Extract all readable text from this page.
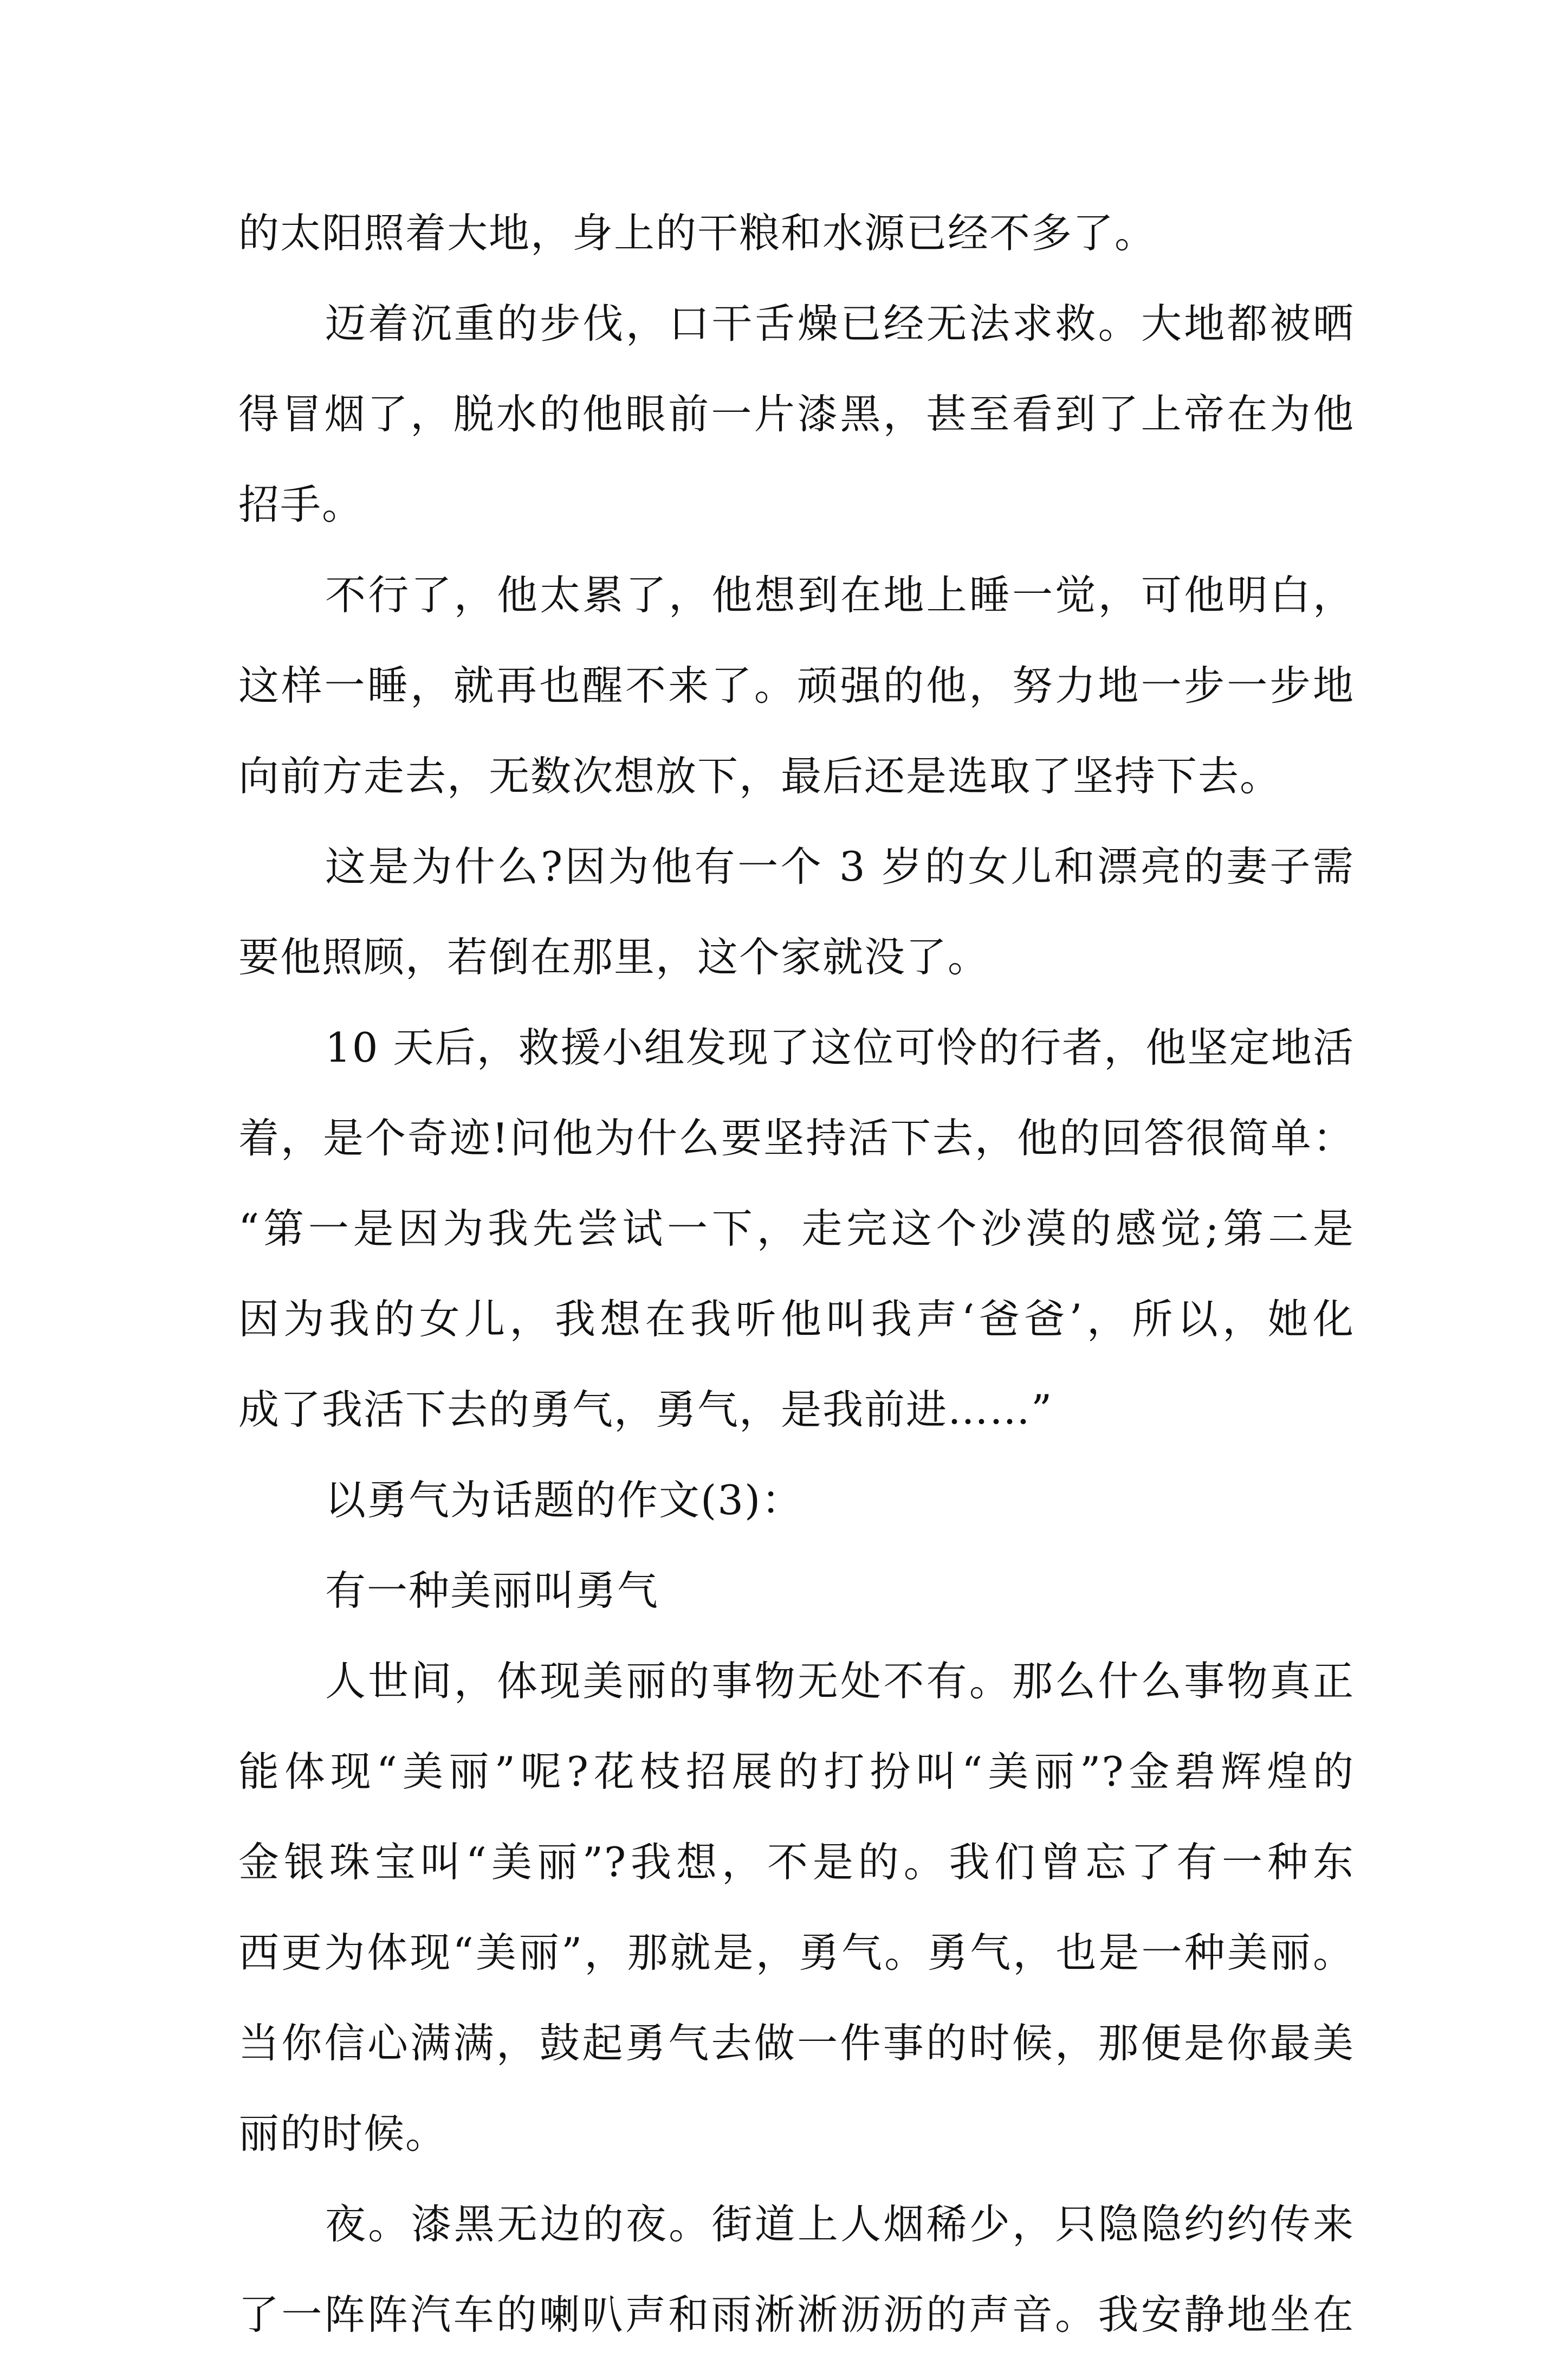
的太阳照着大地，身上的干粮和水源已经不多了。
迈着沉重的步伐，口干舌燥已经无法求救。大地都被晒
得冒烟了，脱水的他眼前一片漆黑，甚至看到了上帝在为他
招手。
不行了，他太累了，他想到在地上睡一觉，可他明白，
这样一睡，就再也醒不来了。顽强的他，努力地一步一步地
向前方走去，无数次想放下，最后还是选取了坚持下去。
这是为什么?因为他有一个 3 岁的女儿和漂亮的妻子需
要他照顾，若倒在那里，这个家就没了。
10 天后，救援小组发现了这位可怜的行者，他坚定地活
着，是个奇迹!问他为什么要坚持活下去，他的回答很简单：
“第一是因为我先尝试一下，走完这个沙漠的感觉;第二是
因为我的女儿，我想在我听他叫我声‘爸爸’，所以，她化
成了我活下去的勇气，勇气，是我前进……”
以勇气为话题的作文(3)：
有一种美丽叫勇气
人世间，体现美丽的事物无处不有。那么什么事物真正
能体现“美丽”呢?花枝招展的打扮叫“美丽”?金碧辉煌的
金银珠宝叫“美丽”?我想，不是的。我们曾忘了有一种东
西更为体现“美丽”，那就是，勇气。勇气，也是一种美丽。
当你信心满满，鼓起勇气去做一件事的时候，那便是你最美
丽的时候。
夜。漆黑无边的夜。街道上人烟稀少，只隐隐约约传来
了一阵阵汽车的喇叭声和雨淅淅沥沥的声音。我安静地坐在
